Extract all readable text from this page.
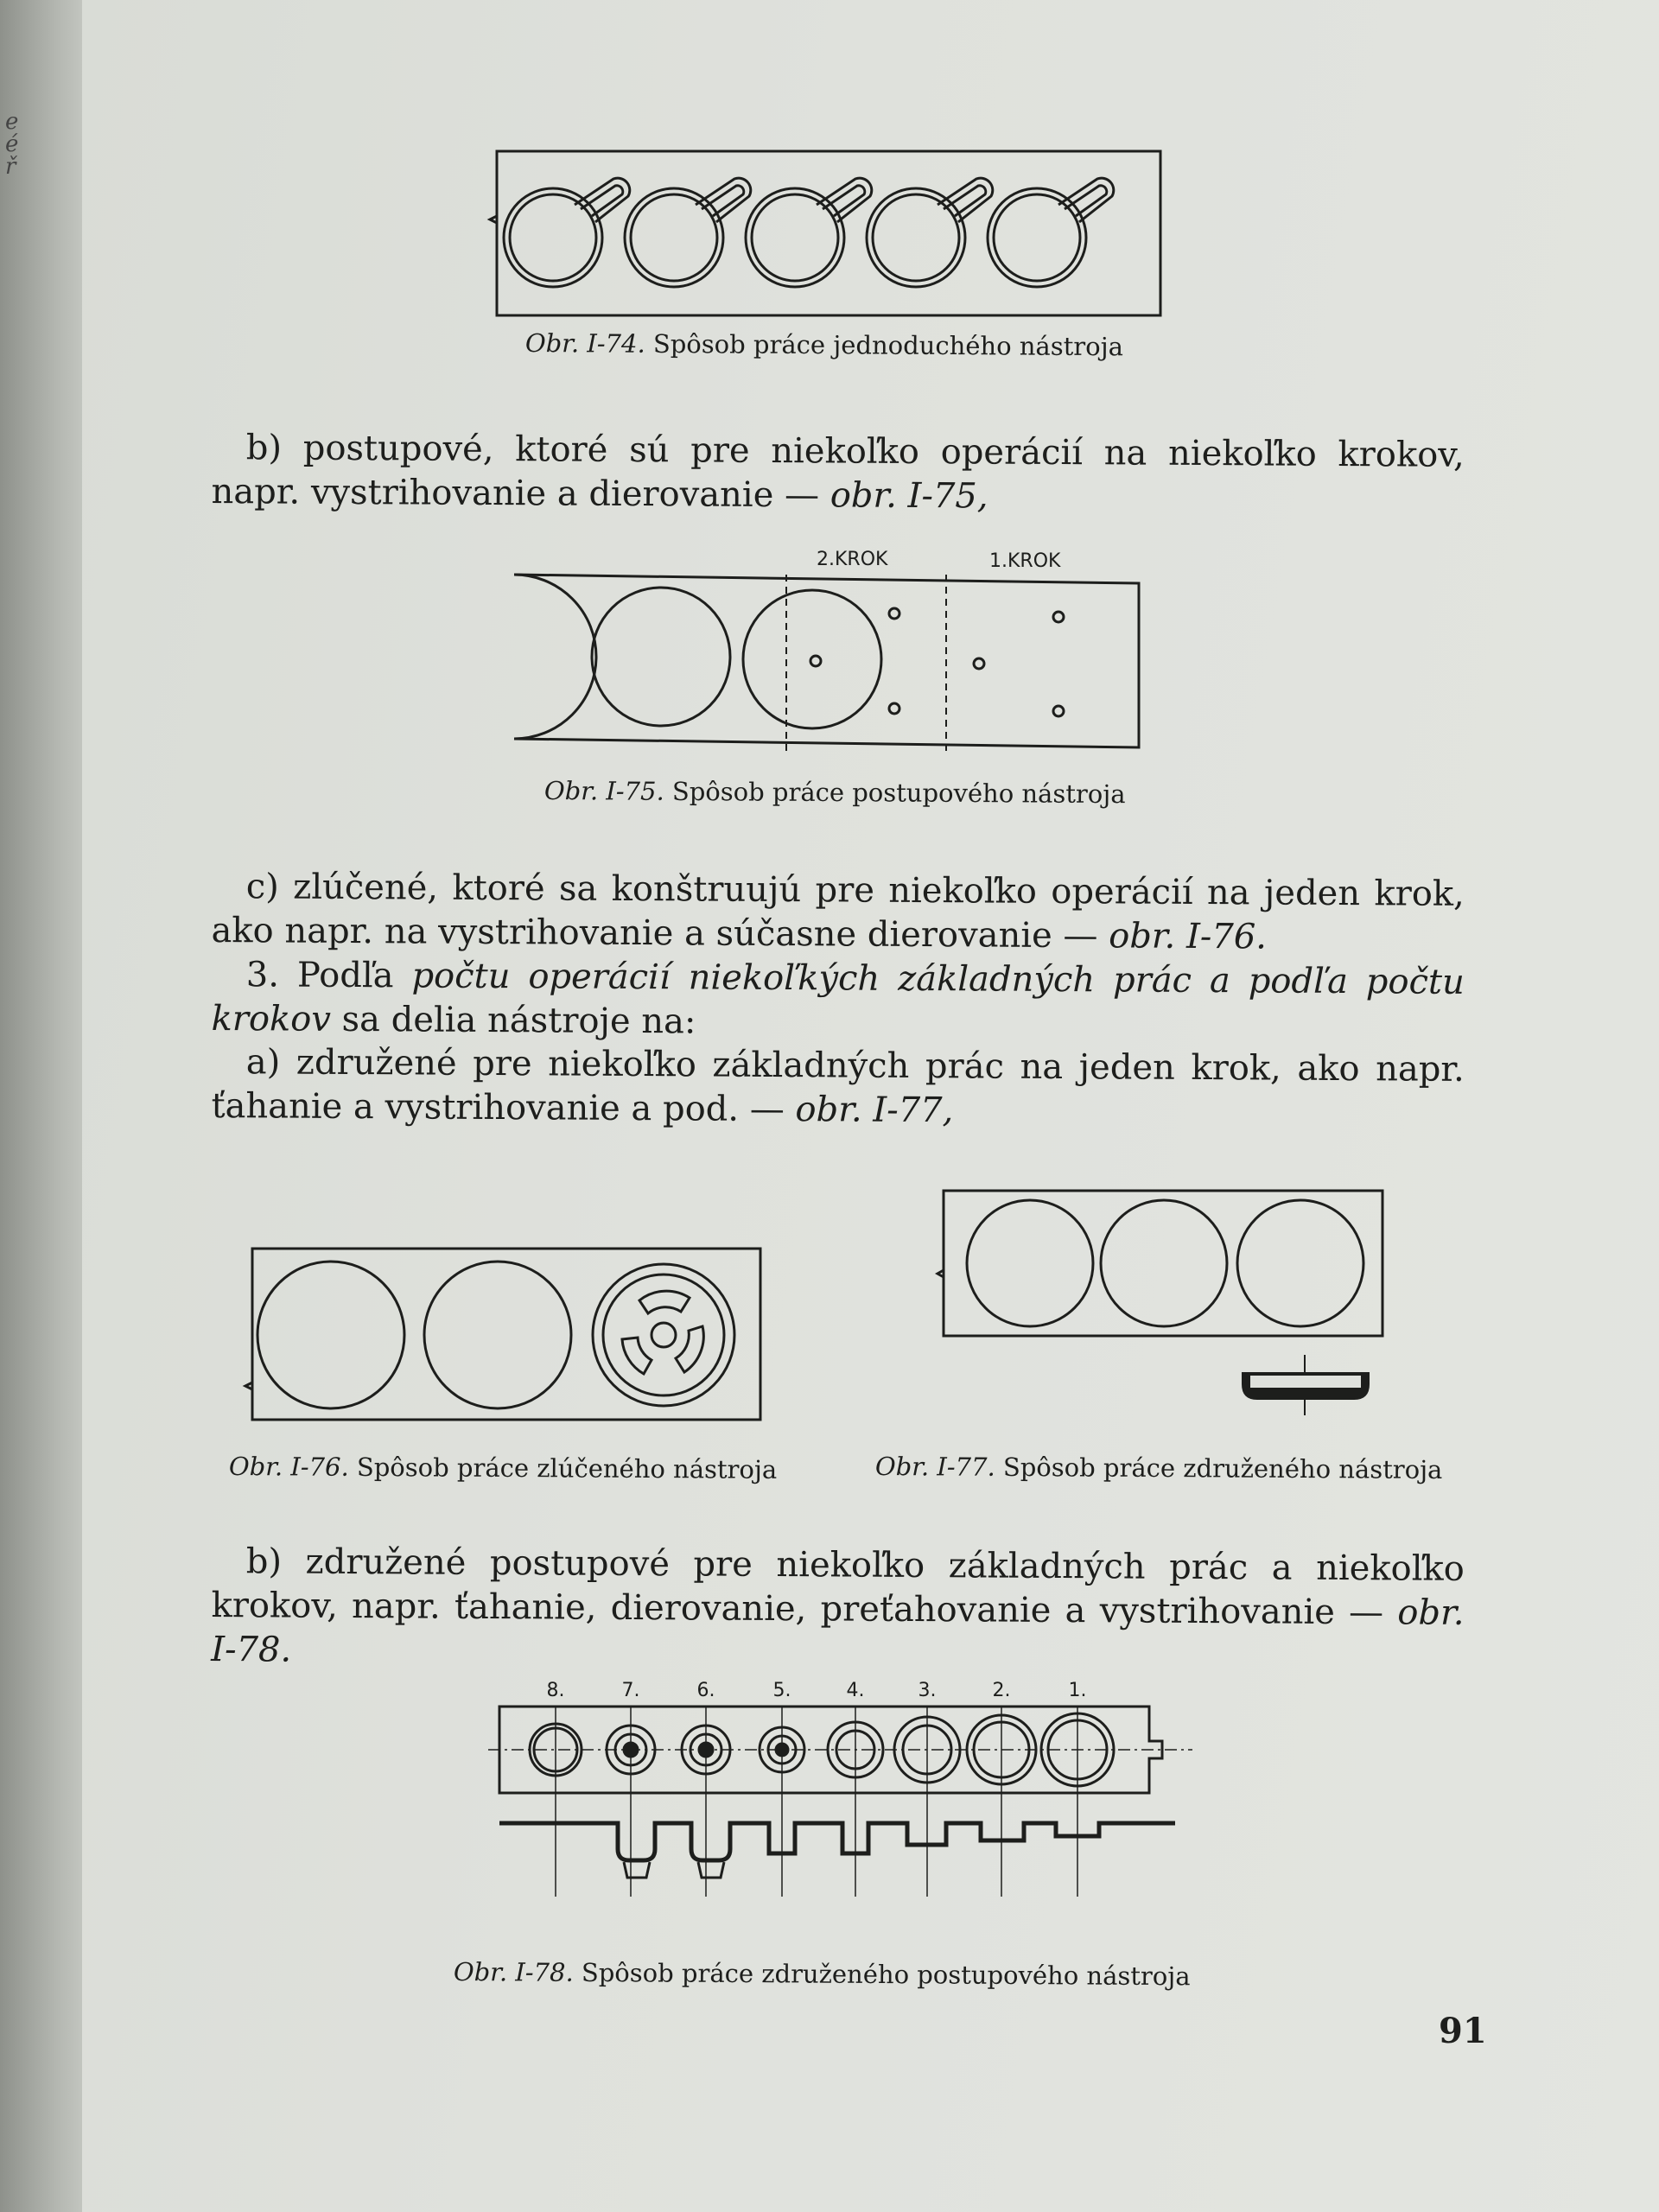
e é ř
Obr. I-74. Spôsob práce jednoduchého nástroja

b) postupové, ktoré sú pre niekoľko operácií na niekoľko krokov, napr. vystrihovanie a dierovanie — obr. I-75,

2.KROK	1.KROK
Obr. I-75. Spôsob práce postupového nástroja

c) zlúčené, ktoré sa konštruujú pre niekoľko operácií na jeden krok, ako napr. na vystrihovanie a súčasne dierovanie — obr. I-76.

3. Podľa počtu operácií niekoľkých základných prác a podľa počtu krokov sa delia nástroje na:

a) združené pre niekoľko základných prác na jeden krok, ako napr. ťahanie a vystrihovanie a pod. — obr. I-77,

Obr. I-76. Spôsob práce zlúčeného nástroja	Obr. I-77. Spôsob práce združeného nástroja

b) združené postupové pre niekoľko základných prác a niekoľko krokov, napr. ťahanie, dierovanie, preťahovanie a vystrihovanie — obr. I-78.

8.	7.	6.	5.	4.	3.	2.	1.
Obr. I-78. Spôsob práce združeného postupového nástroja
91
